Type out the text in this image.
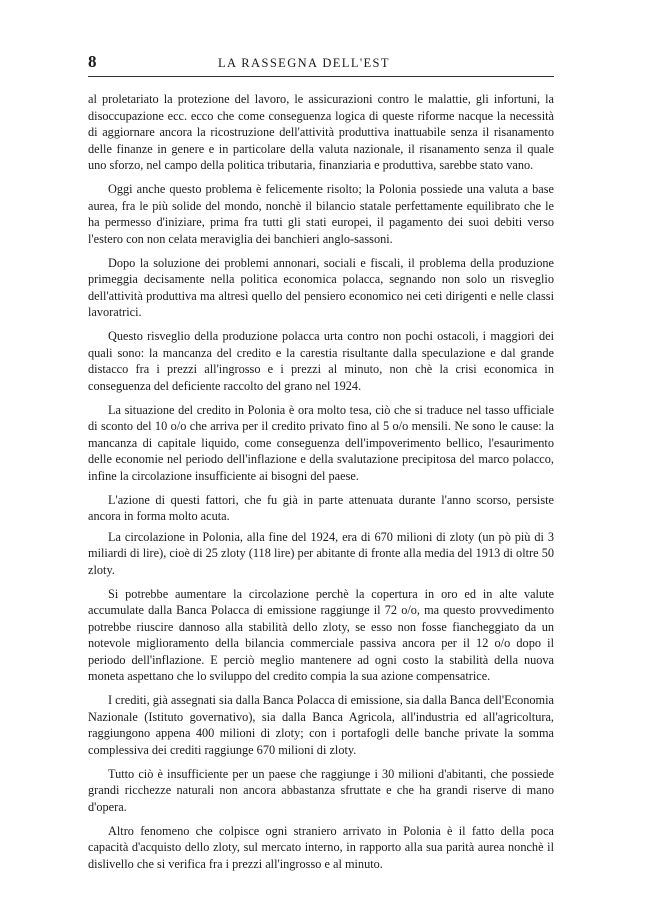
8	LA RASSEGNA DELL'EST

al proletariato la protezione del lavoro, le assicurazioni contro le malattie, gli infortuni, la disoccupazione ecc. ecco che come conseguenza logica di queste riforme nacque la necessità di aggiornare ancora la ricostruzione dell'attività produttiva inattuabile senza il risanamento delle finanze in genere e in particolare della valuta nazionale, il risanamento senza il quale uno sforzo, nel campo della politica tributaria, finanziaria e produttiva, sarebbe stato vano.

Oggi anche questo problema è felicemente risolto; la Polonia possiede una valuta a base aurea, fra le più solide del mondo, nonchè il bilancio statale perfettamente equilibrato che le ha permesso d'iniziare, prima fra tutti gli stati europei, il pagamento dei suoi debiti verso l'estero con non celata meraviglia dei banchieri anglo-sassoni.

Dopo la soluzione dei problemi annonari, sociali e fiscali, il problema della produzione primeggia decisamente nella politica economica polacca, segnando non solo un risveglio dell'attività produttiva ma altresì quello del pensiero economico nei ceti dirigenti e nelle classi lavoratrici.

Questo risveglio della produzione polacca urta contro non pochi ostacoli, i maggiori dei quali sono: la mancanza del credito e la carestia risultante dalla speculazione e dal grande distacco fra i prezzi all'ingrosso e i prezzi al minuto, non chè la crisi economica in conseguenza del deficiente raccolto del grano nel 1924.

La situazione del credito in Polonia è ora molto tesa, ciò che si traduce nel tasso ufficiale di sconto del 10 o/o che arriva per il credito privato fino al 5 o/o mensili. Ne sono le cause: la mancanza di capitale liquido, come conseguenza dell'impoverimento bellico, l'esaurimento delle economie nel periodo dell'inflazione e della svalutazione precipitosa del marco polacco, infine la circolazione insufficiente ai bisogni del paese.

L'azione di questi fattori, che fu già in parte attenuata durante l'anno scorso, persiste ancora in forma molto acuta.

La circolazione in Polonia, alla fine del 1924, era di 670 milioni di zloty (un pò più di 3 miliardi di lire), cioè di 25 zloty (118 lire) per abitante di fronte alla media del 1913 di oltre 50 zloty.

Si potrebbe aumentare la circolazione perchè la copertura in oro ed in alte valute accumulate dalla Banca Polacca di emissione raggiunge il 72 o/o, ma questo provvedimento potrebbe riuscire dannoso alla stabilità dello zloty, se esso non fosse fiancheggiato da un notevole miglioramento della bilancia commerciale passiva ancora per il 12 o/o dopo il periodo dell'inflazione. E perciò meglio mantenere ad ogni costo la stabilità della nuova moneta aspettano che lo sviluppo del credito compia la sua azione compensatrice.

I crediti, già assegnati sia dalla Banca Polacca di emissione, sia dalla Banca dell'Economia Nazionale (Istituto governativo), sia dalla Banca Agricola, all'industria ed all'agricoltura, raggiungono appena 400 milioni di zloty; con i portafogli delle banche private la somma complessiva dei crediti raggiunge 670 milioni di zloty.

Tutto ciò è insufficiente per un paese che raggiunge i 30 milioni d'abitanti, che possiede grandi ricchezze naturali non ancora abbastanza sfruttate e che ha grandi riserve di mano d'opera.

Altro fenomeno che colpisce ogni straniero arrivato in Polonia è il fatto della poca capacità d'acquisto dello zloty, sul mercato interno, in rapporto alla sua parità aurea nonchè il dislivello che si verifica fra i prezzi all'ingrosso e al minuto.
